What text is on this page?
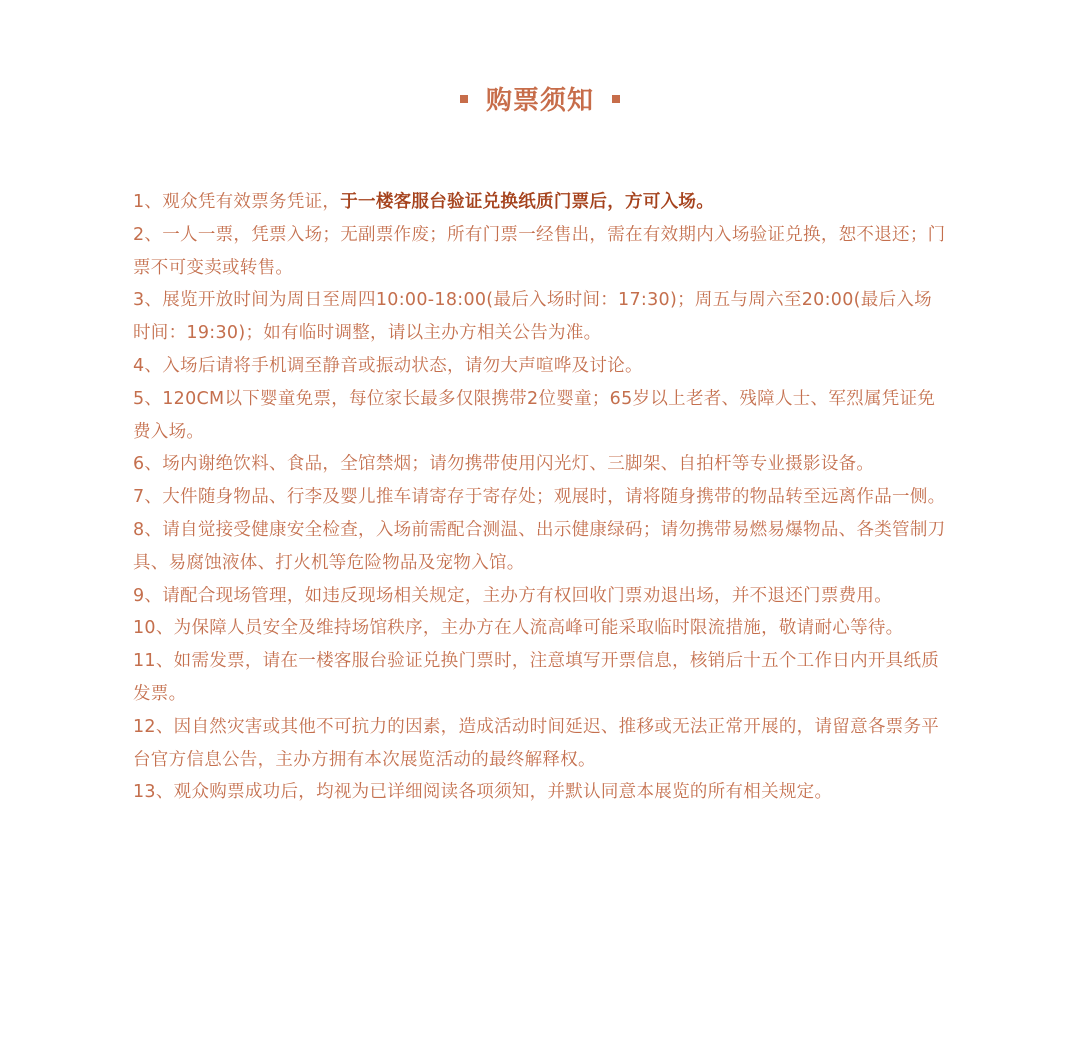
购票须知

1、观众凭有效票务凭证，于一楼客服台验证兑换纸质门票后，方可入场。

2、一人一票，凭票入场；无副票作废；所有门票一经售出，需在有效期内入场验证兑换，恕不退还；门票不可变卖或转售。

3、展览开放时间为周日至周四10:00-18:00(最后入场时间：17:30)；周五与周六至20:00(最后入场时间：19:30)；如有临时调整，请以主办方相关公告为准。

4、入场后请将手机调至静音或振动状态，请勿大声喧哗及讨论。

5、120CM以下婴童免票，每位家长最多仅限携带2位婴童；65岁以上老者、残障人士、军烈属凭证免费入场。

6、场内谢绝饮料、食品，全馆禁烟；请勿携带使用闪光灯、三脚架、自拍杆等专业摄影设备。

7、大件随身物品、行李及婴儿推车请寄存于寄存处；观展时，请将随身携带的物品转至远离作品一侧。

8、请自觉接受健康安全检查，入场前需配合测温、出示健康绿码；请勿携带易燃易爆物品、各类管制刀具、易腐蚀液体、打火机等危险物品及宠物入馆。

9、请配合现场管理，如违反现场相关规定，主办方有权回收门票劝退出场，并不退还门票费用。

10、为保障人员安全及维持场馆秩序，主办方在人流高峰可能采取临时限流措施，敬请耐心等待。

11、如需发票，请在一楼客服台验证兑换门票时，注意填写开票信息，核销后十五个工作日内开具纸质发票。

12、因自然灾害或其他不可抗力的因素，造成活动时间延迟、推移或无法正常开展的，请留意各票务平台官方信息公告，主办方拥有本次展览活动的最终解释权。

13、观众购票成功后，均视为已详细阅读各项须知，并默认同意本展览的所有相关规定。
